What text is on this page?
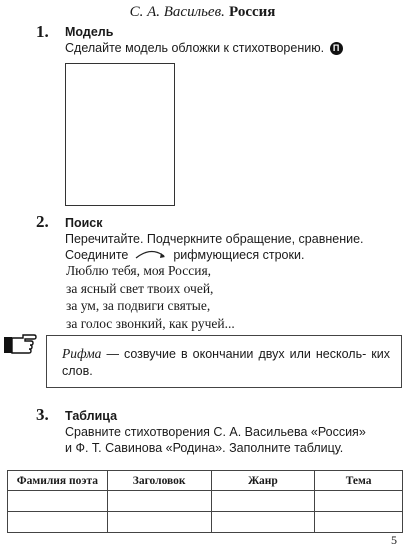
С. А. Васильев. Россия
1. Модель
Сделайте модель обложки к стихотворению. П
2. Поиск
Перечитайте. Подчеркните обращение, сравнение.
Соедините	рифмующиеся строки.
Люблю тебя, моя Россия,
за ясный свет твоих очей,
за ум, за подвиги святые,
за голос звонкий, как ручей...
Рифма — созвучие в окончании двух или несколь- ких слов.
3. Таблица
Сравните стихотворения С. А. Васильева «Россия»
и Ф. Т. Савинова «Родина». Заполните таблицу.
Фамилия поэта	Заголовок	Жанр	Тема

5
